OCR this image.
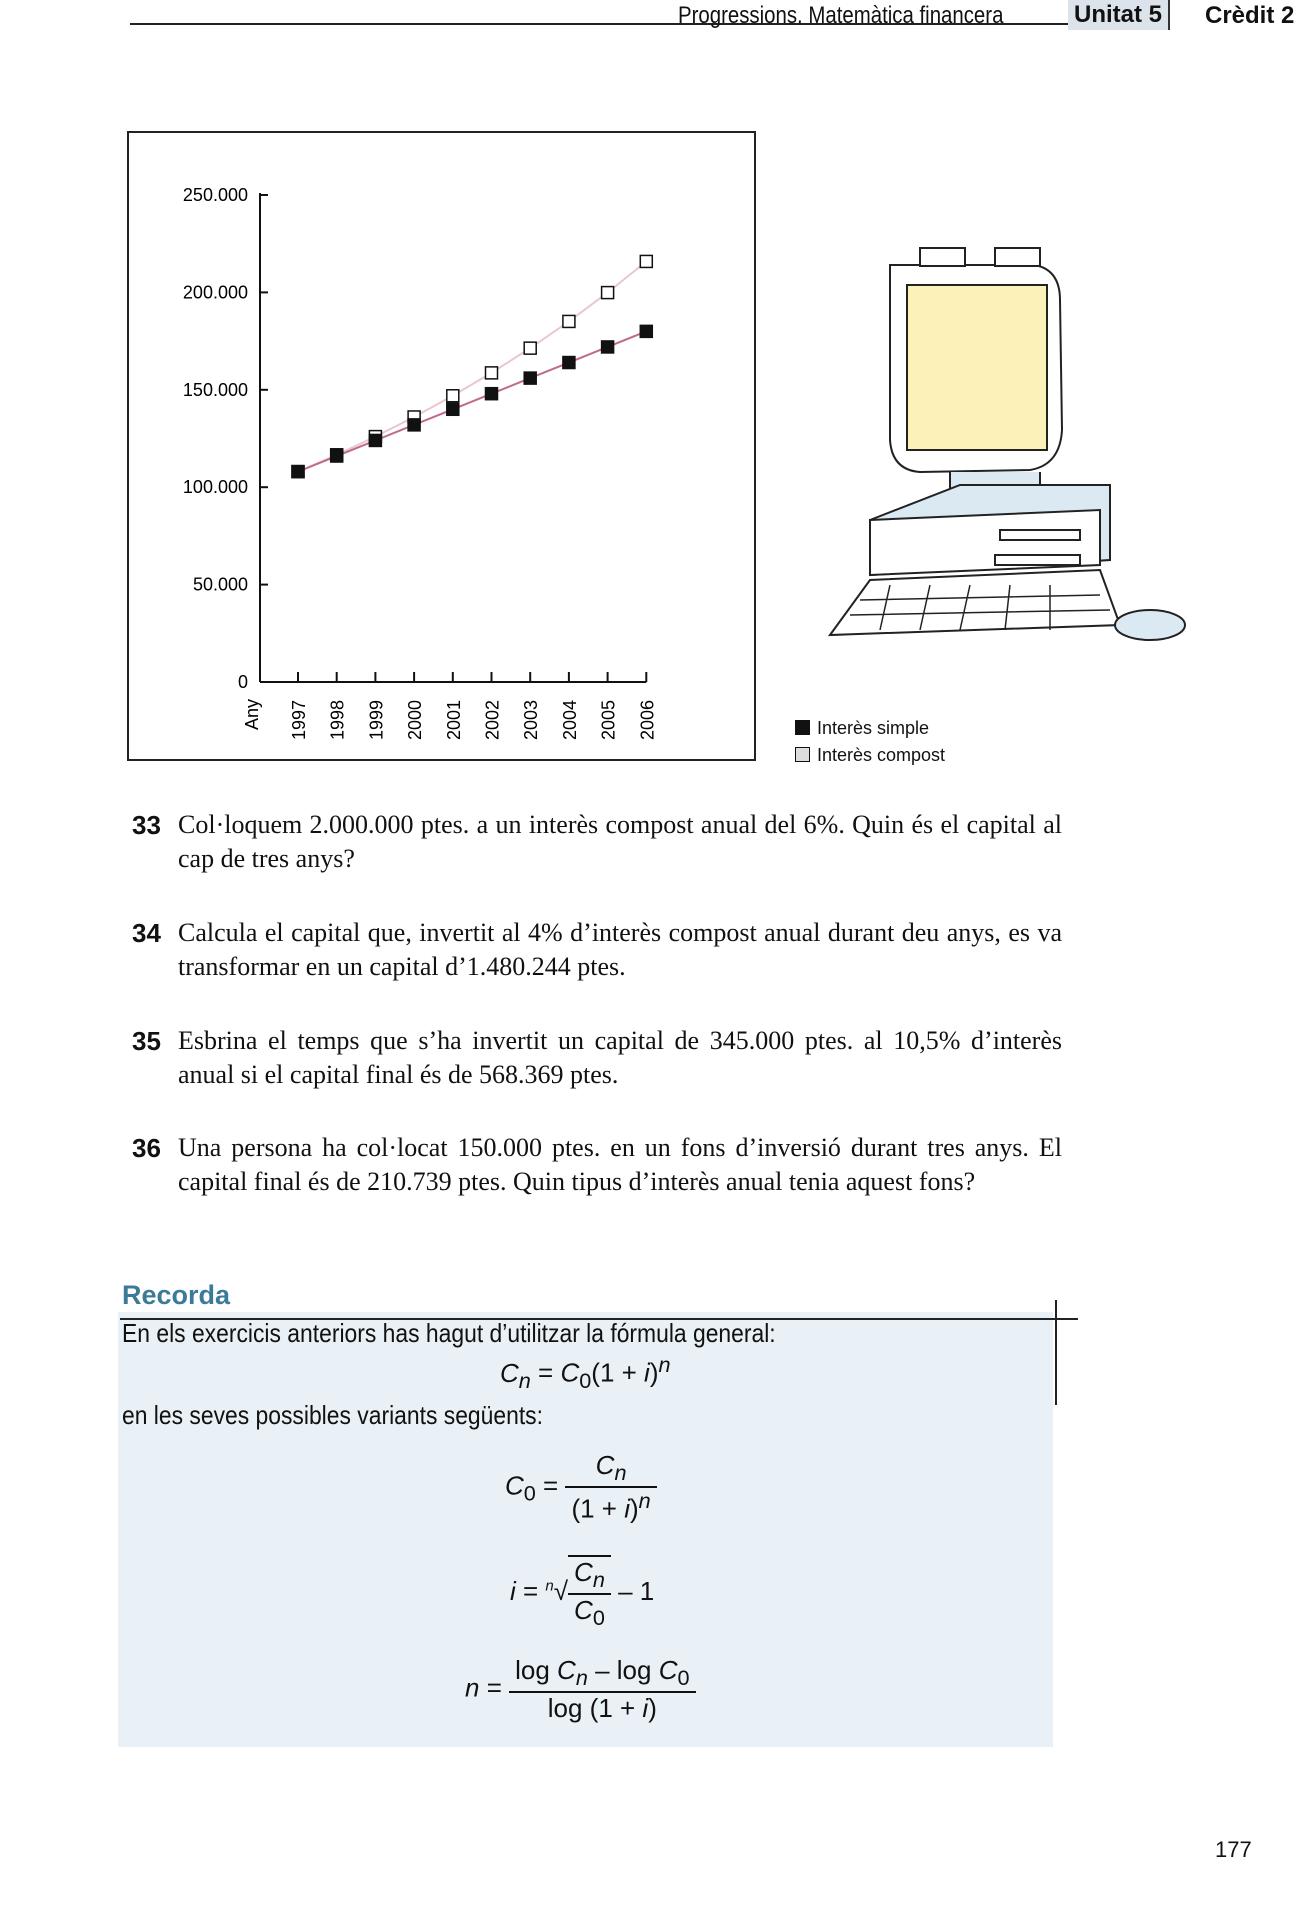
Progressions. Matemàtica financera	Unitat 5	Crèdit 2
0
50.000
100.000
150.000
200.000
250.000
1997 1998 1999 2000 2001 2002 2003 2004 2005 2006
Any	Interès simple
Interès compost
33 Col·loquem 2.000.000 ptes. a un interès compost anual del 6%. Quin és el capital al cap de tres anys?
34 Calcula el capital que, invertit al 4% d’interès compost anual durant deu anys, es va transformar en un capital d’1.480.244 ptes.
35 Esbrina el temps que s’ha invertit un capital de 345.000 ptes. al 10,5% d’interès anual si el capital final és de 568.369 ptes.
36 Una persona ha col·locat 150.000 ptes. en un fons d’inversió durant tres anys. El capital final és de 210.739 ptes. Quin tipus d’interès anual tenia aquest fons?
Recorda
En els exercicis anteriors has hagut d’utilitzar la fórmula general:
$C_n = C_0(1 + i)^n$
en les seves possibles variants següents:
$C_0 = \frac{C_n}{(1 + i)^n}$
$i = ^n√ \frac{C_n}{C_0} - 1$
$n = \frac{\log C_n - \log C_0}{\log (1 + i)}$
177
